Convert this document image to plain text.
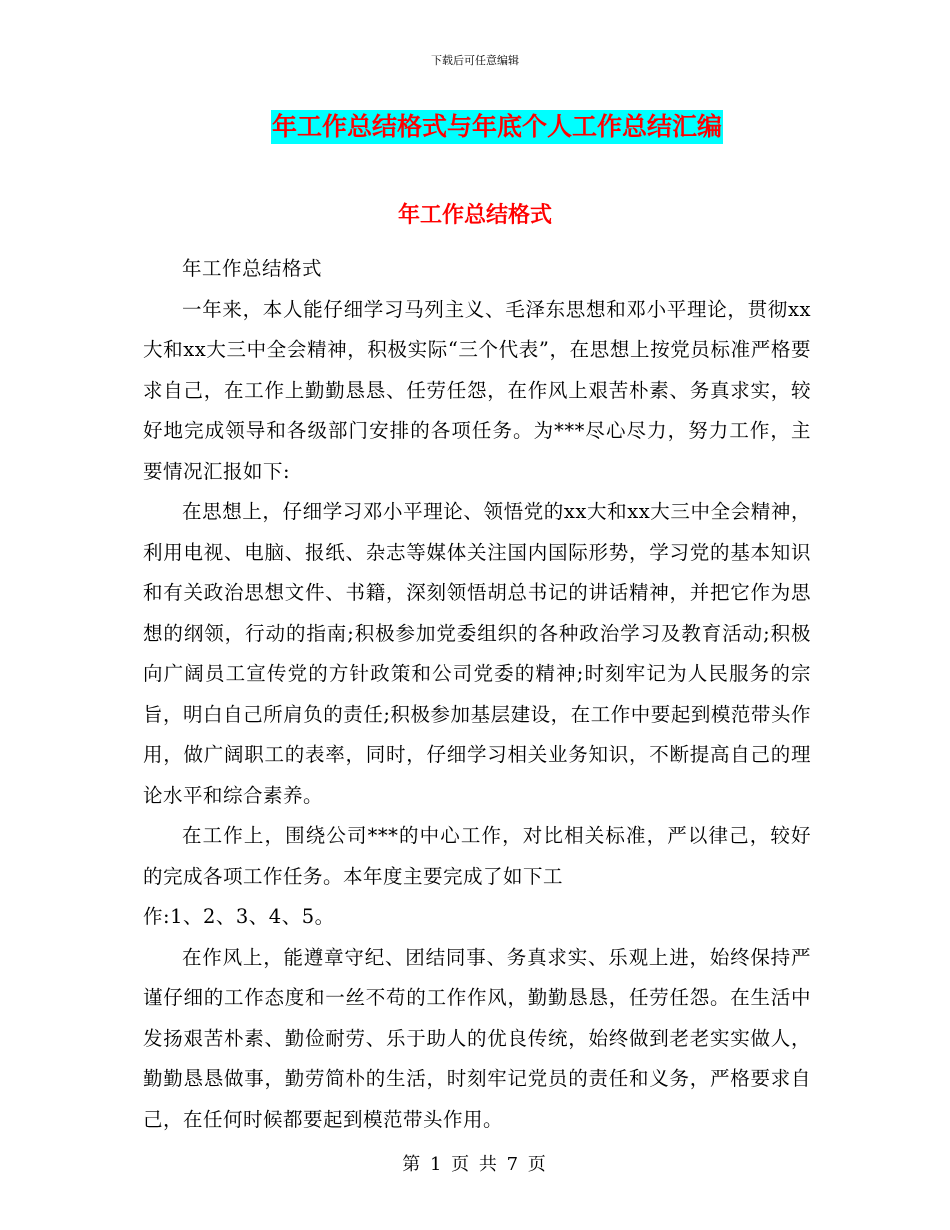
下载后可任意编辑
年工作总结格式与年底个人工作总结汇编
年工作总结格式

年工作总结格式

一年来，本人能仔细学习马列主义、毛泽东思想和邓小平理论，贯彻xx大和xx大三中全会精神，积极实际“三个代表”，在思想上按党员标准严格要求自己，在工作上勤勤恳恳、任劳任怨，在作风上艰苦朴素、务真求实，较好地完成领导和各级部门安排的各项任务。为***尽心尽力，努力工作，主要情况汇报如下:

在思想上，仔细学习邓小平理论、领悟党的xx大和xx大三中全会精神，利用电视、电脑、报纸、杂志等媒体关注国内国际形势，学习党的基本知识和有关政治思想文件、书籍，深刻领悟胡总书记的讲话精神，并把它作为思想的纲领，行动的指南;积极参加党委组织的各种政治学习及教育活动;积极向广阔员工宣传党的方针政策和公司党委的精神;时刻牢记为人民服务的宗旨，明白自己所肩负的责任;积极参加基层建设，在工作中要起到模范带头作用，做广阔职工的表率，同时，仔细学习相关业务知识，不断提高自己的理论水平和综合素养。

在工作上，围绕公司***的中心工作，对比相关标准，严以律己，较好的完成各项工作任务。本年度主要完成了如下工

作:1、2、3、4、5。

在作风上，能遵章守纪、团结同事、务真求实、乐观上进，始终保持严谨仔细的工作态度和一丝不苟的工作作风，勤勤恳恳，任劳任怨。在生活中发扬艰苦朴素、勤俭耐劳、乐于助人的优良传统，始终做到老老实实做人，勤勤恳恳做事，勤劳简朴的生活，时刻牢记党员的责任和义务，严格要求自己，在任何时候都要起到模范带头作用。

第 1 页 共 7 页
